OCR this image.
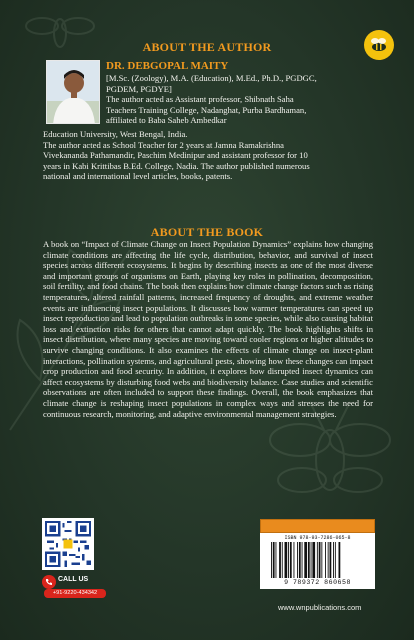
ABOUT THE AUTHOR
DR. DEBGOPAL MAITY
[M.Sc. (Zoology), M.A. (Education), M.Ed., Ph.D., PGDGC,
PGDEM, PGDYE]
The author acted as Assistant professor, Shibnath Saha
Teachers Training College, Nadanghat, Purba Bardhaman,
affiliated to Baba Saheb Ambedkar
Education University, West Bengal, India.
The author acted as School Teacher for 2 years at Jamna Ramakrishna
Vivekananda Pathamandir, Paschim Medinipur and assistant professor for 10
years in Kabi Krittibas B.Ed. College, Nadia. The author published numerous
national and international level articles, books, patents.
ABOUT THE BOOK
A book on “Impact of Climate Change on Insect Population Dynamics” explains how changing climate conditions are affecting the life cycle, distribution, behavior, and survival of insect species across different ecosystems. It begins by describing insects as one of the most diverse and important groups of organisms on Earth, playing key roles in pollination, decomposition, soil fertility, and food chains. The book then explains how climate change factors such as rising temperatures, altered rainfall patterns, increased frequency of droughts, and extreme weather events are influencing insect populations. It discusses how warmer temperatures can speed up insect reproduction and lead to population outbreaks in some species, while also causing habitat loss and extinction risks for others that cannot adapt quickly. The book highlights shifts in insect distribution, where many species are moving toward cooler regions or higher altitudes to survive changing conditions. It also examines the effects of climate change on insect-plant interactions, pollination systems, and agricultural pests, showing how these changes can impact crop production and food security. In addition, it explores how disrupted insect dynamics can affect ecosystems by disturbing food webs and biodiversity balance. Case studies and scientific observations are often included to support these findings. Overall, the book emphasizes that climate change is reshaping insect populations in complex ways and stresses the need for continuous research, monitoring, and adaptive environmental management strategies.
CALL US
+91-9220-434342
ISBN 978-93-7286-065-8
9 789372 860658
www.wnpublications.com
